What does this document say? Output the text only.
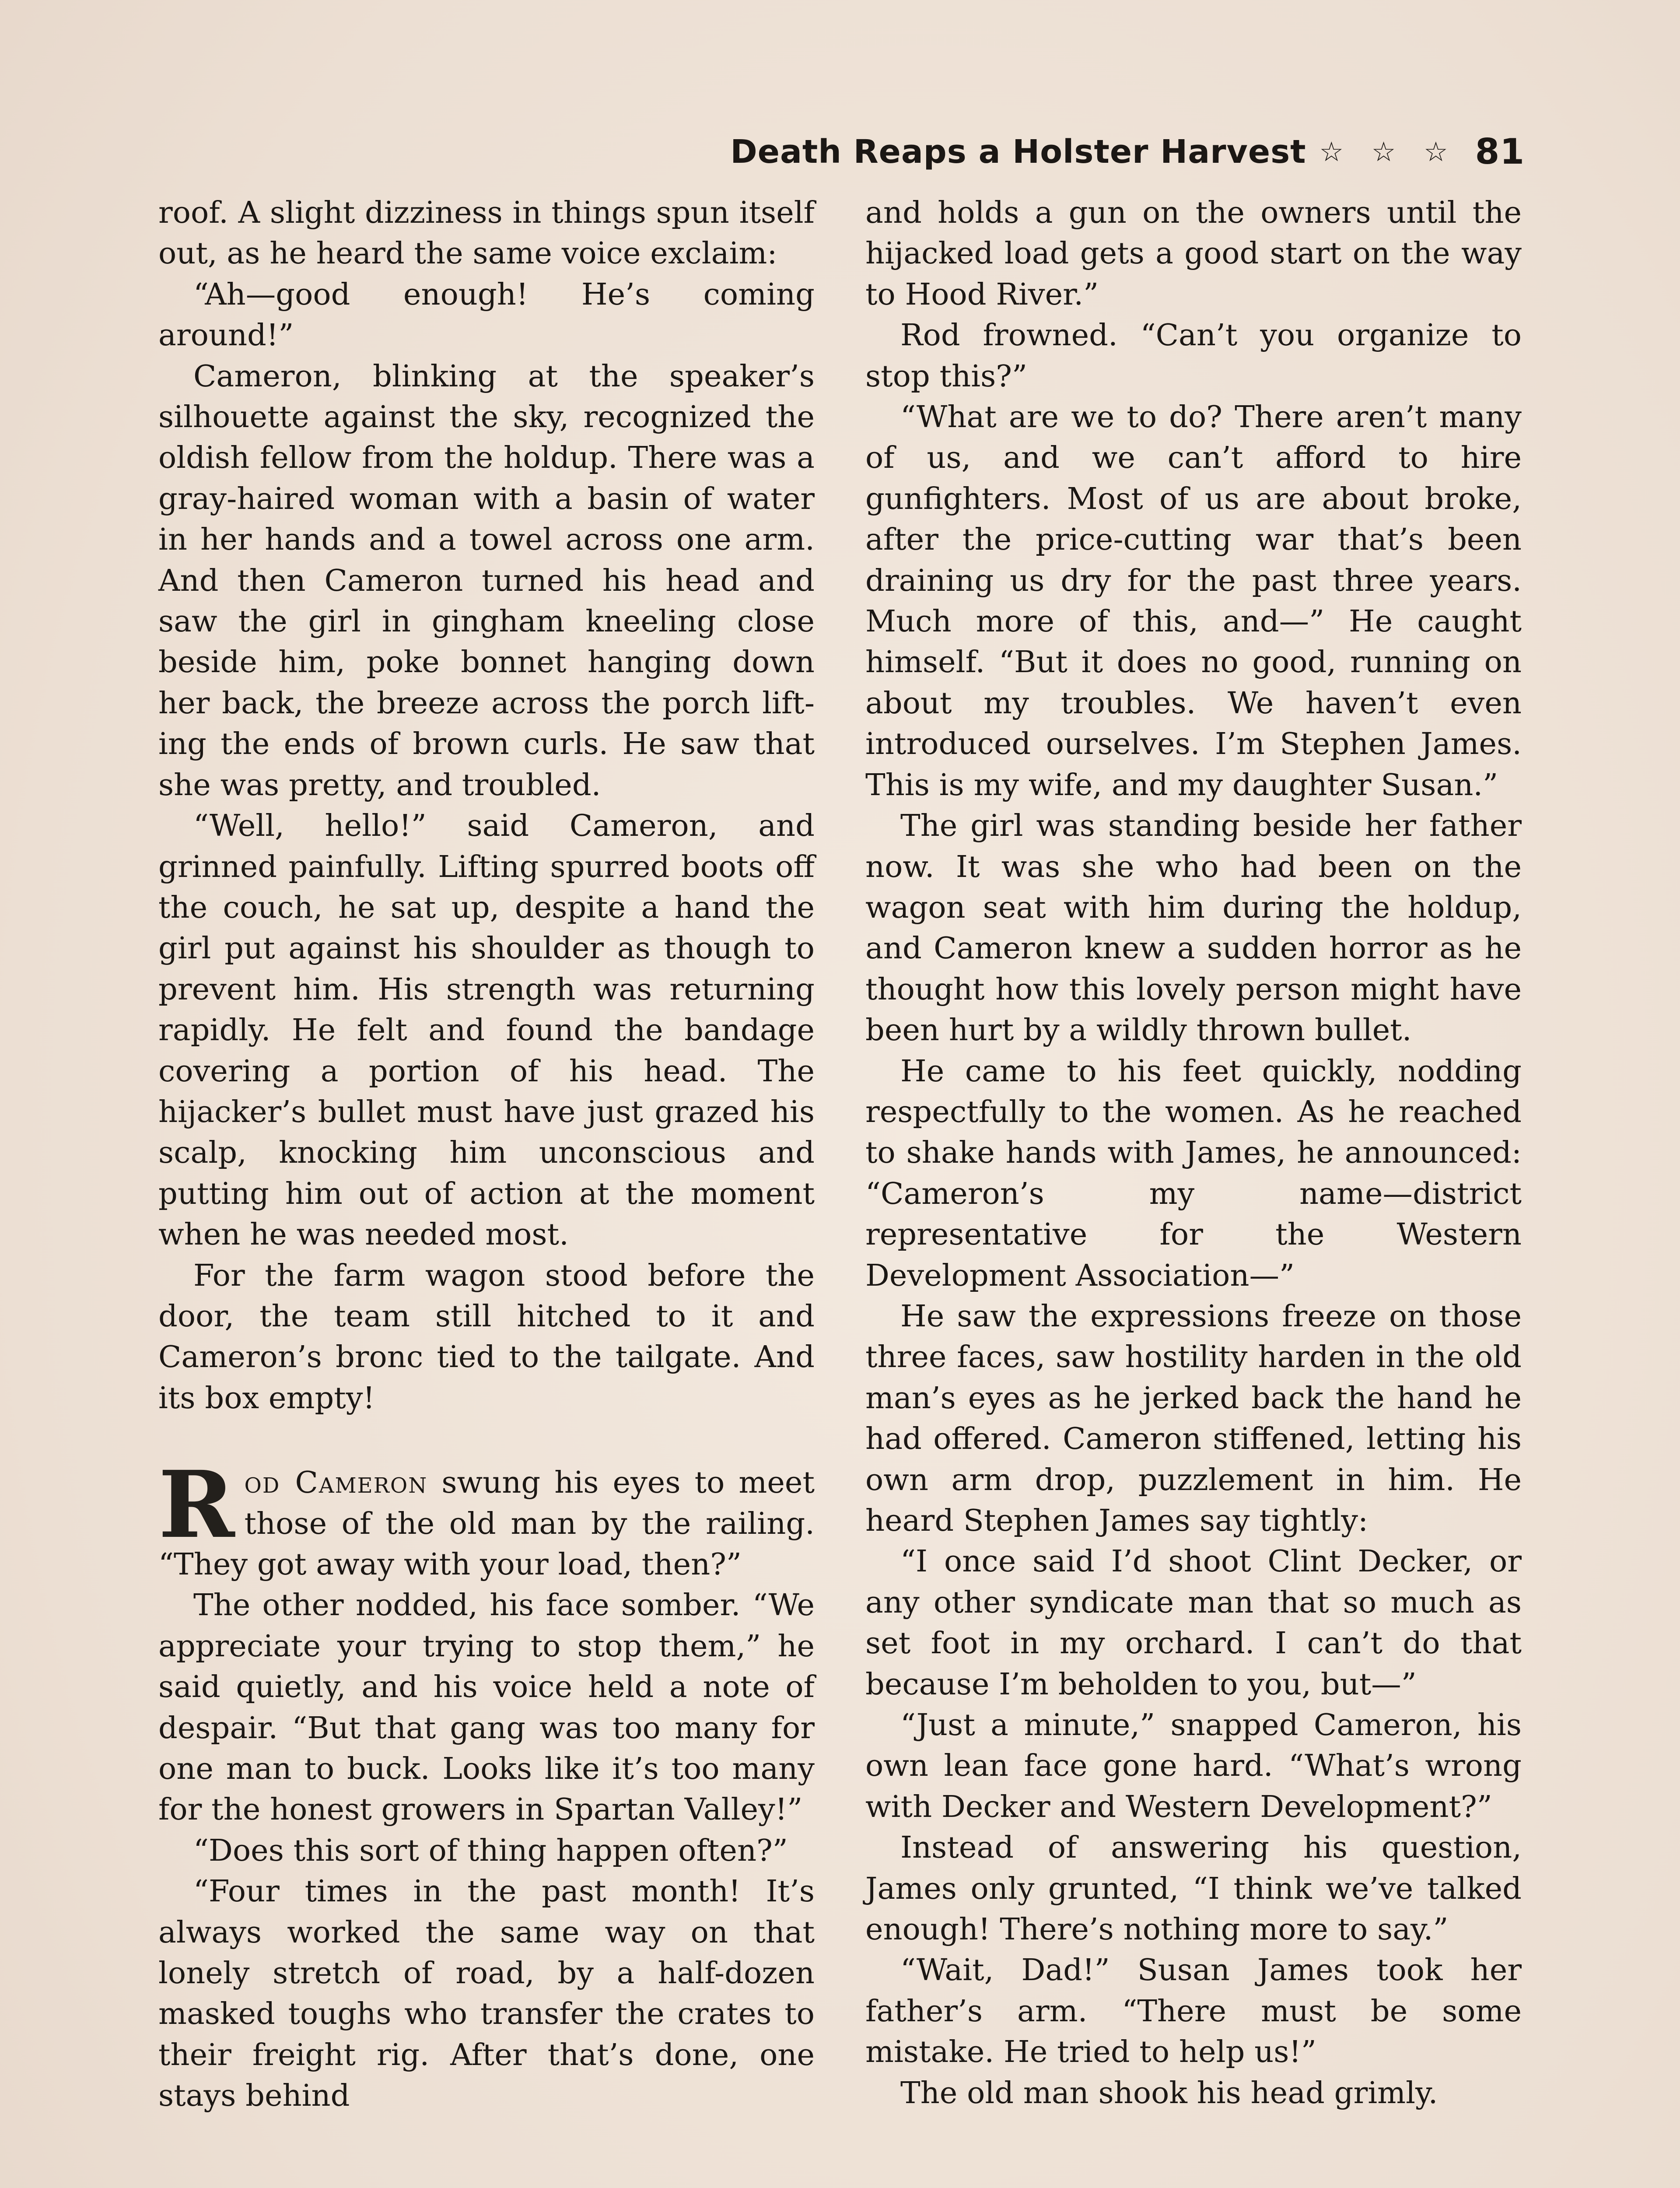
Death Reaps a Holster Harvest ☆ ☆ ☆ 81

roof. A slight dizziness in things spun itself out, as he heard the same voice exclaim:

“Ah—good enough! He’s coming around!”

Cameron, blinking at the speaker’s silhouette against the sky, recognized the oldish fellow from the holdup. There was a gray-haired woman with a basin of water in her hands and a towel across one arm. And then Cameron turned his head and saw the girl in gingham kneeling close beside him, poke bonnet hanging down her back, the breeze across the porch lifting the ends of brown curls. He saw that she was pretty, and troubled.

“Well, hello!” said Cameron, and grinned painfully. Lifting spurred boots off the couch, he sat up, despite a hand the girl put against his shoulder as though to prevent him. His strength was returning rapidly. He felt and found the bandage covering a portion of his head. The hijacker’s bullet must have just grazed his scalp, knocking him unconscious and putting him out of action at the moment when he was needed most.

For the farm wagon stood before the door, the team still hitched to it and Cameron’s bronc tied to the tailgate. And its box empty!

Rod Cameron swung his eyes to meet those of the old man by the railing. “They got away with your load, then?”

The other nodded, his face somber. “We appreciate your trying to stop them,” he said quietly, and his voice held a note of despair. “But that gang was too many for one man to buck. Looks like it’s too many for the honest growers in Spartan Valley!”

“Does this sort of thing happen often?”

“Four times in the past month! It’s always worked the same way on that lonely stretch of road, by a half-dozen masked toughs who transfer the crates to their freight rig. After that’s done, one stays behind

and holds a gun on the owners until the hijacked load gets a good start on the way to Hood River.”

Rod frowned. “Can’t you organize to stop this?”

“What are we to do? There aren’t many of us, and we can’t afford to hire gunfighters. Most of us are about broke, after the price-cutting war that’s been draining us dry for the past three years. Much more of this, and—” He caught himself. “But it does no good, running on about my troubles. We haven’t even introduced ourselves. I’m Stephen James. This is my wife, and my daughter Susan.”

The girl was standing beside her father now. It was she who had been on the wagon seat with him during the holdup, and Cameron knew a sudden horror as he thought how this lovely person might have been hurt by a wildly thrown bullet.

He came to his feet quickly, nodding respectfully to the women. As he reached to shake hands with James, he announced: “Cameron’s my name—district representative for the Western Development Association—”

He saw the expressions freeze on those three faces, saw hostility harden in the old man’s eyes as he jerked back the hand he had offered. Cameron stiffened, letting his own arm drop, puzzlement in him. He heard Stephen James say tightly:

“I once said I’d shoot Clint Decker, or any other syndicate man that so much as set foot in my orchard. I can’t do that because I’m beholden to you, but—”

“Just a minute,” snapped Cameron, his own lean face gone hard. “What’s wrong with Decker and Western Development?”

Instead of answering his question, James only grunted, “I think we’ve talked enough! There’s nothing more to say.”

“Wait, Dad!” Susan James took her father’s arm. “There must be some mistake. He tried to help us!”

The old man shook his head grimly.
